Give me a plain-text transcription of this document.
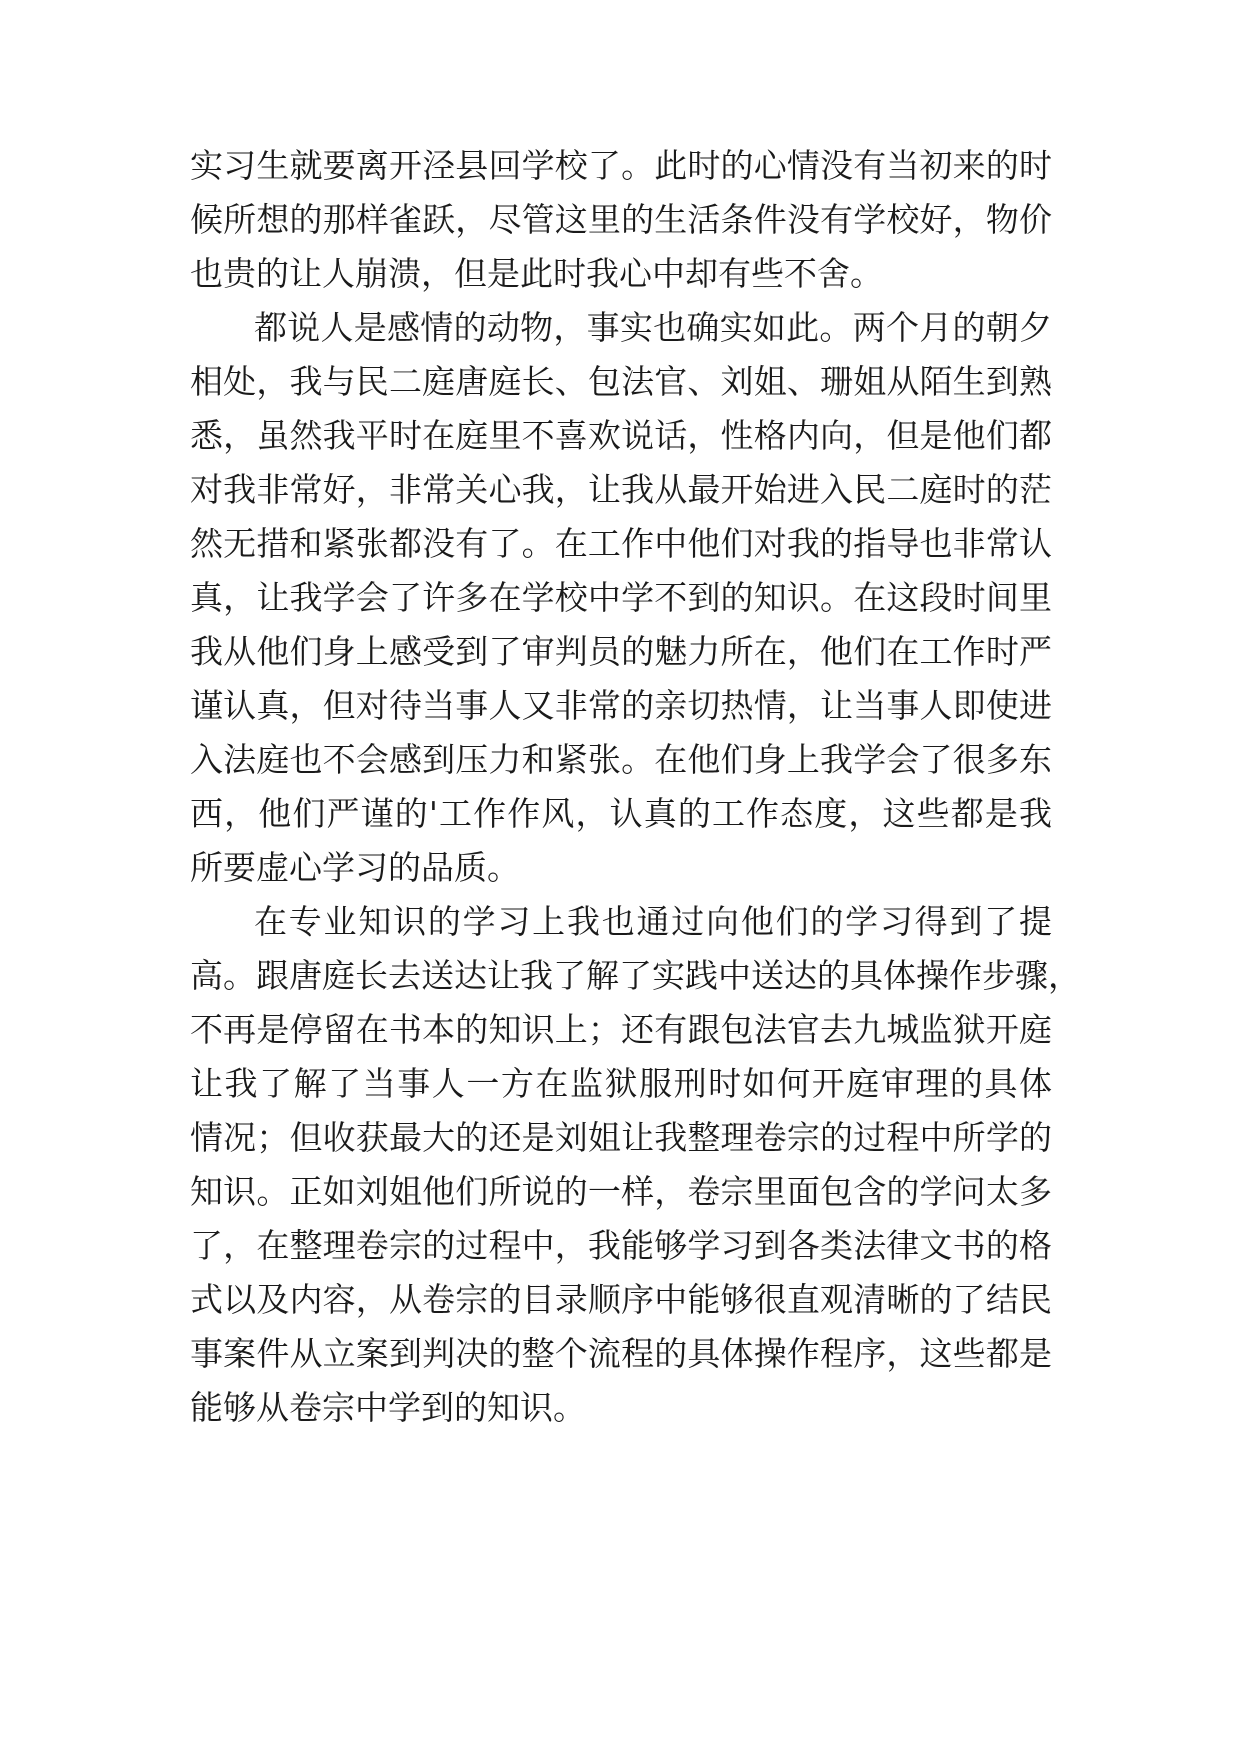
实习生就要离开泾县回学校了。此时的心情没有当初来的时
候所想的那样雀跃，尽管这里的生活条件没有学校好，物价
也贵的让人崩溃，但是此时我心中却有些不舍。
都说人是感情的动物，事实也确实如此。两个月的朝夕
相处，我与民二庭唐庭长、包法官、刘姐、珊姐从陌生到熟
悉，虽然我平时在庭里不喜欢说话，性格内向，但是他们都
对我非常好，非常关心我，让我从最开始进入民二庭时的茫
然无措和紧张都没有了。在工作中他们对我的指导也非常认
真，让我学会了许多在学校中学不到的知识。在这段时间里
我从他们身上感受到了审判员的魅力所在，他们在工作时严
谨认真，但对待当事人又非常的亲切热情，让当事人即使进
入法庭也不会感到压力和紧张。在他们身上我学会了很多东
西，他们严谨的'工作作风，认真的工作态度，这些都是我
所要虚心学习的品质。
在专业知识的学习上我也通过向他们的学习得到了提
高。跟唐庭长去送达让我了解了实践中送达的具体操作步骤，
不再是停留在书本的知识上；还有跟包法官去九城监狱开庭
让我了解了当事人一方在监狱服刑时如何开庭审理的具体
情况；但收获最大的还是刘姐让我整理卷宗的过程中所学的
知识。正如刘姐他们所说的一样，卷宗里面包含的学问太多
了，在整理卷宗的过程中，我能够学习到各类法律文书的格
式以及内容，从卷宗的目录顺序中能够很直观清晰的了结民
事案件从立案到判决的整个流程的具体操作程序，这些都是
能够从卷宗中学到的知识。
